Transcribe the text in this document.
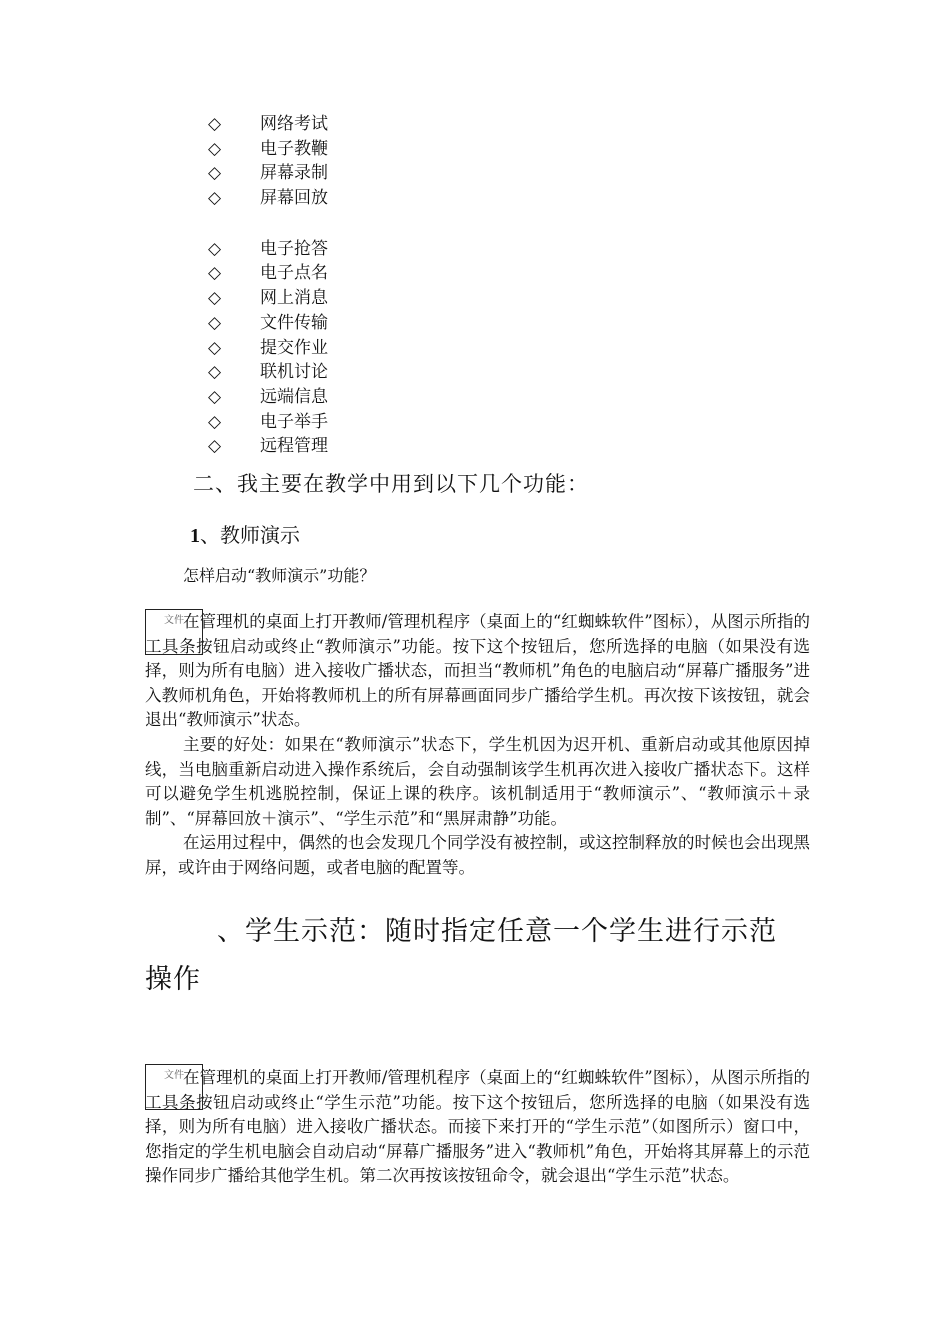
◇ 网络考试
◇ 电子教鞭
◇ 屏幕录制
◇ 屏幕回放
◇ 电子抢答
◇ 电子点名
◇ 网上消息
◇ 文件传输
◇ 提交作业
◇ 联机讨论
◇ 远端信息
◇ 电子举手
◇ 远程管理
二、我主要在教学中用到以下几个功能：
1、教师演示
怎样启动“教师演示”功能？

在管理机的桌面上打开教师/管理机程序（桌面上的“红蜘蛛软件”图标），从图示所指的工具条按钮启动或终止“教师演示”功能。按下这个按钮后，您所选择的电脑（如果没有选择，则为所有电脑）进入接收广播状态，而担当“教师机”角色的电脑启动“屏幕广播服务”进入教师机角色，开始将教师机上的所有屏幕画面同步广播给学生机。再次按下该按钮，就会退出“教师演示”状态。

主要的好处：如果在“教师演示”状态下，学生机因为迟开机、重新启动或其他原因掉线，当电脑重新启动进入操作系统后，会自动强制该学生机再次进入接收广播状态下。这样可以避免学生机逃脱控制，保证上课的秩序。该机制适用于“教师演示”、“教师演示＋录制”、“屏幕回放＋演示”、“学生示范”和“黑屏肃静”功能。

在运用过程中，偶然的也会发现几个同学没有被控制，或这控制释放的时候也会出现黑屏，或许由于网络问题，或者电脑的配置等。

文件
、学生示范：随时指定任意一个学生进行示范
操作

在管理机的桌面上打开教师/管理机程序（桌面上的“红蜘蛛软件”图标），从图示所指的工具条按钮启动或终止“学生示范”功能。按下这个按钮后，您所选择的电脑（如果没有选择，则为所有电脑）进入接收广播状态。而接下来打开的“学生示范”（如图所示）窗口中，您指定的学生机电脑会自动启动“屏幕广播服务”进入“教师机”角色，开始将其屏幕上的示范操作同步广播给其他学生机。第二次再按该按钮命令，就会退出“学生示范”状态。

文件
